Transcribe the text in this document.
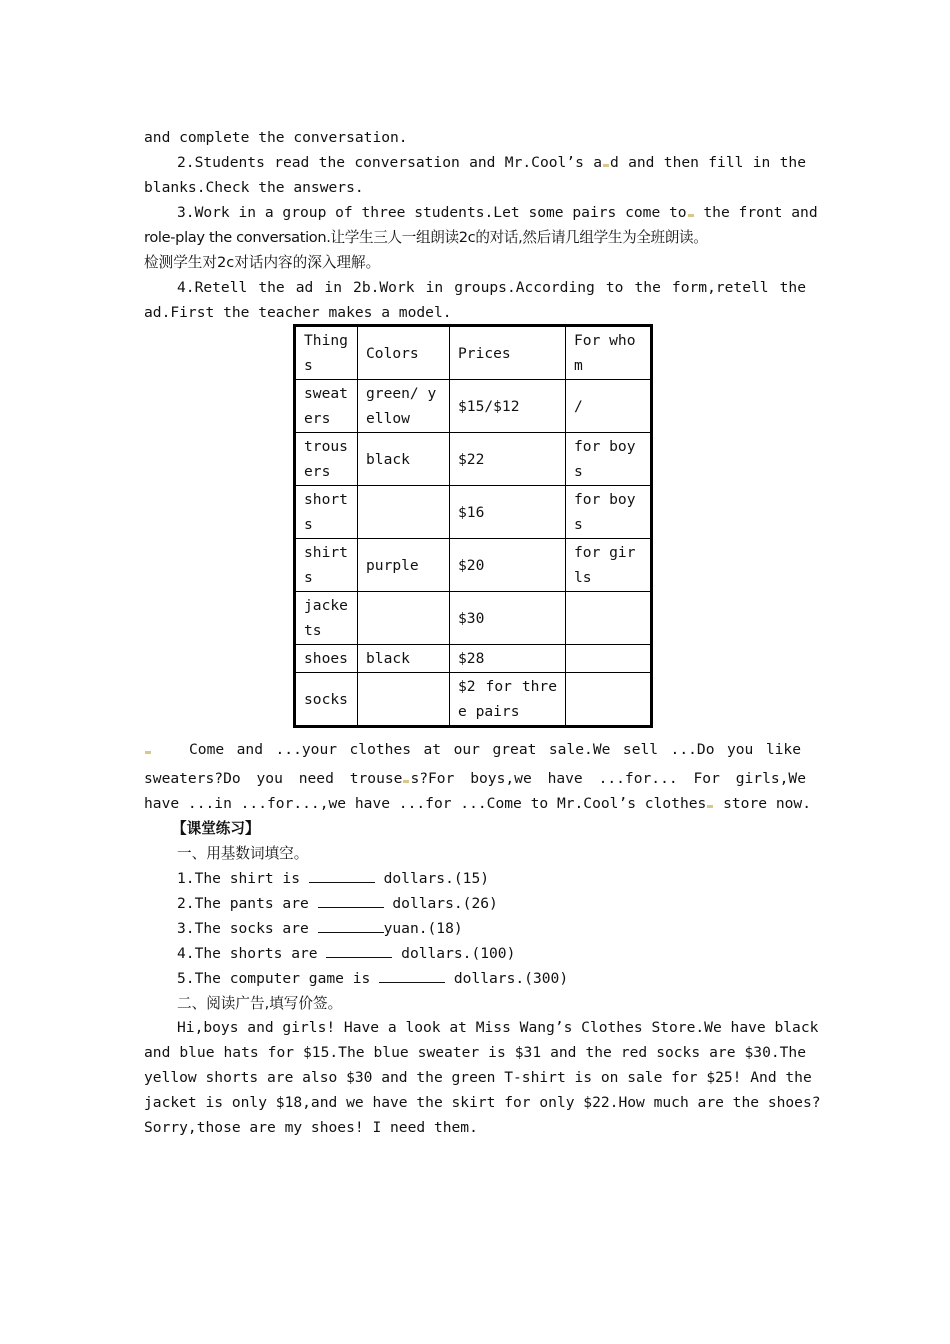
and complete the conversation.
2.Students read the conversation and Mr.Cool’s a d and then fill in the
blanks.Check the answers.
3.Work in a group of three students.Let some pairs come to the front and
role-play the conversation.让学生三人一组朗读2c的对话,然后请几组学生为全班朗读。
检测学生对2c对话内容的深入理解。
4.Retell the ad in 2b.Work in groups.According to the form,retell the
ad.First the teacher makes a model.
Thing s	Colors	Prices	For whom
sweat ers	green/ yellow	$15/$12	/
trous ers	black	$22	for boys
short s		$16	for boys
shirt s	purple	$20	for girls
jacke ts		$30	
shoes	black	$28	
socks		$2 for three pairs	
Come and ...your clothes at our great sale.We sell ...Do you like
sweaters?Do you need trouse s?For boys,we have ...for... For girls,We
have ...in ...for...,we have ...for ...Come to Mr.Cool’s clothes store now.
【课堂练习】
一、用基数词填空。
1.The shirt is	dollars.(15)
2.The pants are	dollars.(26)
3.The socks are	yuan.(18)
4.The shorts are	dollars.(100)
5.The computer game is	dollars.(300)
二、阅读广告,填写价签。
Hi,boys and girls! Have a look at Miss Wang’s Clothes Store.We have black
and blue hats for $15.The blue sweater is $31 and the red socks are $30.The
yellow shorts are also $30 and the green T-shirt is on sale for $25! And the
jacket is only $18,and we have the skirt for only $22.How much are the shoes?
Sorry,those are my shoes! I need them.
